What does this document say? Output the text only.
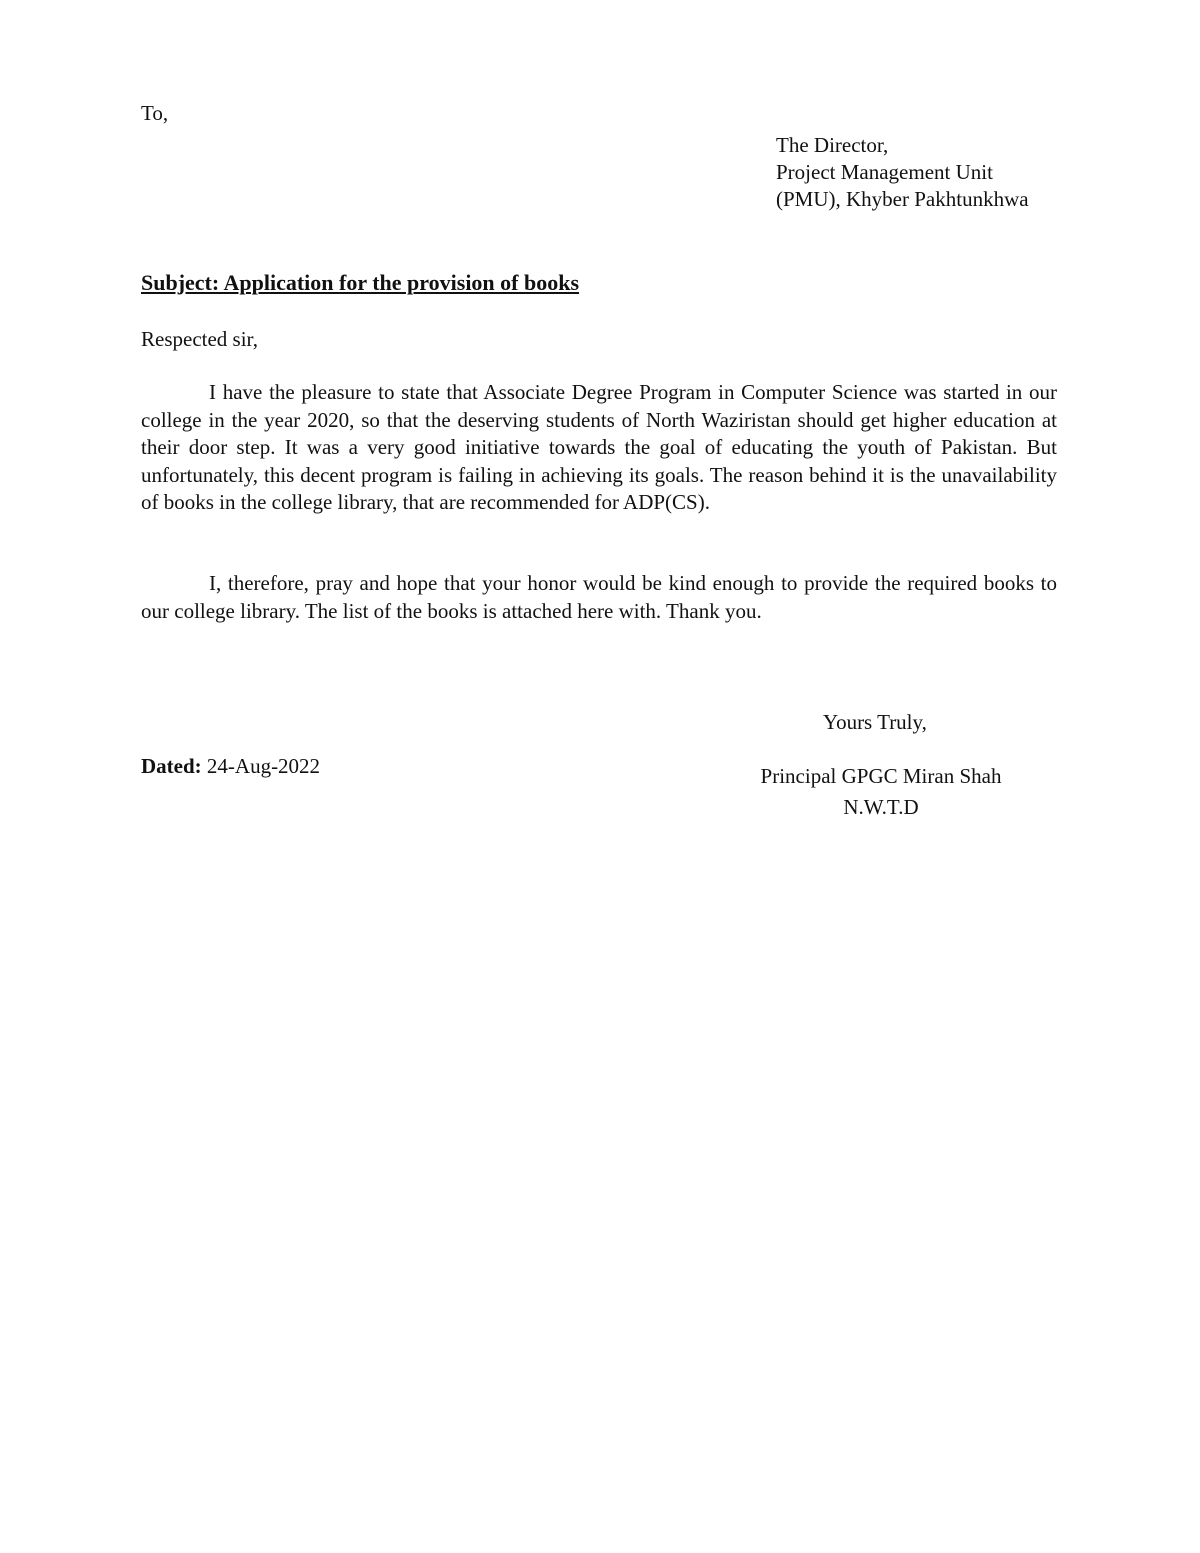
To,
The Director,
Project Management Unit
(PMU), Khyber Pakhtunkhwa
Subject: Application for the provision of books
Respected sir,
I have the pleasure to state that Associate Degree Program in Computer Science was started in our college in the year 2020, so that the deserving students of North Waziristan should get higher education at their door step. It was a very good initiative towards the goal of educating the youth of Pakistan. But unfortunately, this decent program is failing in achieving its goals. The reason behind it is the unavailability of books in the college library, that are recommended for ADP(CS).
I, therefore, pray and hope that your honor would be kind enough to provide the required books to our college library. The list of the books is attached here with. Thank you.
Yours Truly,
Dated: 24-Aug-2022	Principal GPGC Miran Shah
N.W.T.D
